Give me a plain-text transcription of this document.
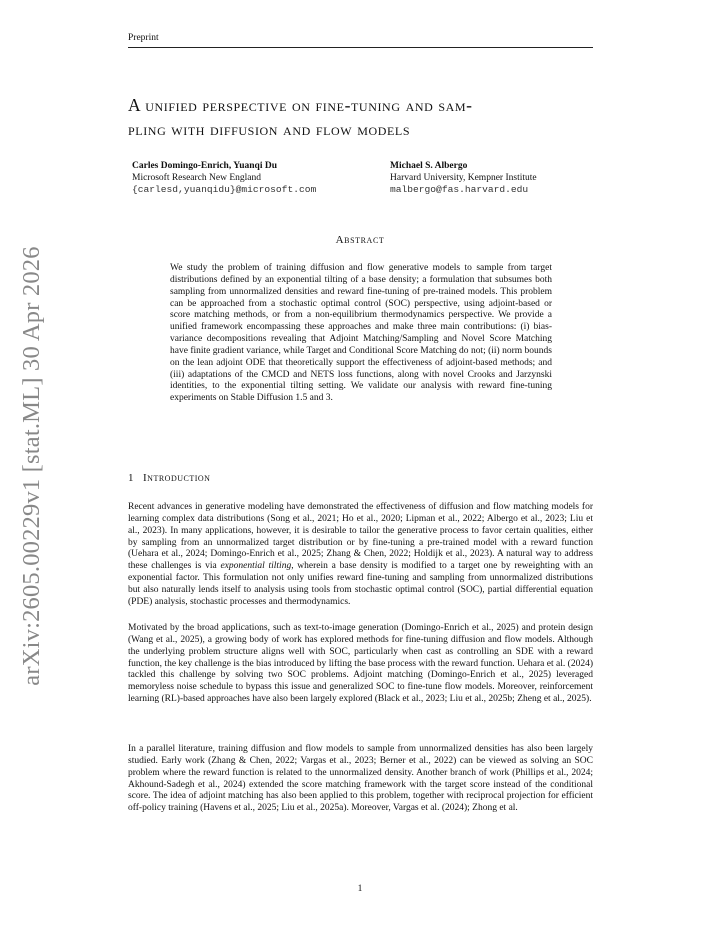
Preprint
arXiv:2605.00229v1 [stat.ML] 30 Apr 2026
A unified perspective on fine-tuning and sam-
pling with diffusion and flow models
Carles Domingo-Enrich, Yuanqi Du
Microsoft Research New England
{carlesd,yuanqidu}@microsoft.com
Michael S. Albergo
Harvard University, Kempner Institute
malbergo@fas.harvard.edu
Abstract

We study the problem of training diffusion and flow generative models to sample from target distributions defined by an exponential tilting of a base density; a formulation that subsumes both sampling from unnormalized densities and reward fine-tuning of pre-trained models. This problem can be approached from a stochastic optimal control (SOC) perspective, using adjoint-based or score matching methods, or from a non-equilibrium thermodynamics perspective. We provide a unified framework encompassing these approaches and make three main contributions: (i) bias-variance decompositions revealing that Adjoint Matching/Sampling and Novel Score Matching have finite gradient variance, while Target and Conditional Score Matching do not; (ii) norm bounds on the lean adjoint ODE that theoretically support the effectiveness of adjoint-based methods; and (iii) adaptations of the CMCD and NETS loss functions, along with novel Crooks and Jarzynski identities, to the exponential tilting setting. We validate our analysis with reward fine-tuning experiments on Stable Diffusion 1.5 and 3.

1 Introduction

Recent advances in generative modeling have demonstrated the effectiveness of diffusion and flow matching models for learning complex data distributions (Song et al., 2021; Ho et al., 2020; Lipman et al., 2022; Albergo et al., 2023; Liu et al., 2023). In many applications, however, it is desirable to tailor the generative process to favor certain qualities, either by sampling from an unnormalized target distribution or by fine-tuning a pre-trained model with a reward function (Uehara et al., 2024; Domingo-Enrich et al., 2025; Zhang & Chen, 2022; Holdijk et al., 2023). A natural way to address these challenges is via exponential tilting, wherein a base density is modified to a target one by reweighting with an exponential factor. This formulation not only unifies reward fine-tuning and sampling from unnormalized distributions but also naturally lends itself to analysis using tools from stochastic optimal control (SOC), partial differential equation (PDE) analysis, stochastic processes and thermodynamics.

Motivated by the broad applications, such as text-to-image generation (Domingo-Enrich et al., 2025) and protein design (Wang et al., 2025), a growing body of work has explored methods for fine-tuning diffusion and flow models. Although the underlying problem structure aligns well with SOC, particularly when cast as controlling an SDE with a reward function, the key challenge is the bias introduced by lifting the base process with the reward function. Uehara et al. (2024) tackled this challenge by solving two SOC problems. Adjoint matching (Domingo-Enrich et al., 2025) leveraged memoryless noise schedule to bypass this issue and generalized SOC to fine-tune flow models. Moreover, reinforcement learning (RL)-based approaches have also been largely explored (Black et al., 2023; Liu et al., 2025b; Zheng et al., 2025).

In a parallel literature, training diffusion and flow models to sample from unnormalized densities has also been largely studied. Early work (Zhang & Chen, 2022; Vargas et al., 2023; Berner et al., 2022) can be viewed as solving an SOC problem where the reward function is related to the unnormalized density. Another branch of work (Phillips et al., 2024; Akhound-Sadegh et al., 2024) extended the score matching framework with the target score instead of the conditional score. The idea of adjoint matching has also been applied to this problem, together with reciprocal projection for efficient off-policy training (Havens et al., 2025; Liu et al., 2025a). Moreover, Vargas et al. (2024); Zhong et al.

1
